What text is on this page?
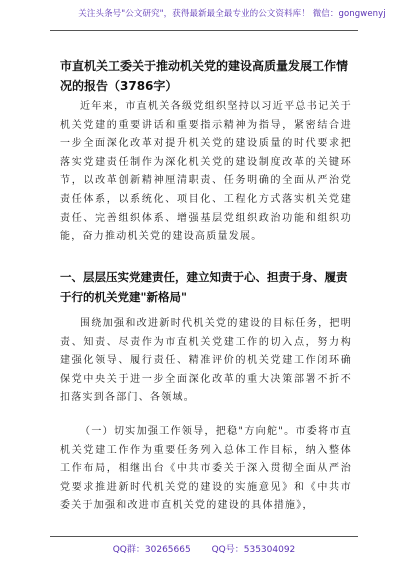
关注头条号"公文研究"，获得最新最全最专业的公文资料库！ 微信：gongwenyj
市直机关工委关于推动机关党的建设高质量发展工作情况的报告（3786字）

近年来，市直机关各级党组织坚持以习近平总书记关于机关党建的重要讲话和重要指示精神为指导，紧密结合进一步全面深化改革对提升机关党的建设质量的时代要求把落实党建责任制作为深化机关党的建设制度改革的关键环节，以改革创新精神厘清职责、任务明确的全面从严治党责任体系，以系统化、项目化、工程化方式落实机关党建责任、完善组织体系、增强基层党组织政治功能和组织功能，奋力推动机关党的建设高质量发展。

一、层层压实党建责任，建立知责于心、担责于身、履责于行的机关党建"新格局"

围绕加强和改进新时代机关党的建设的目标任务，把明责、知责、尽责作为市直机关党建工作的切入点，努力构建强化领导、履行责任、精准评价的机关党建工作闭环确保党中央关于进一步全面深化改革的重大决策部署不折不扣落实到各部门、各领域。

（一）切实加强工作领导，把稳"方向舵"。市委将市直机关党建工作作为重要任务列入总体工作目标，纳入整体工作布局，相继出台《中共市委关于深入贯彻全面从严治党要求推进新时代机关党的建设的实施意见》和《中共市委关于加强和改进市直机关党的建设的具体措施》，

QQ群：30265665 QQ号：535304092
